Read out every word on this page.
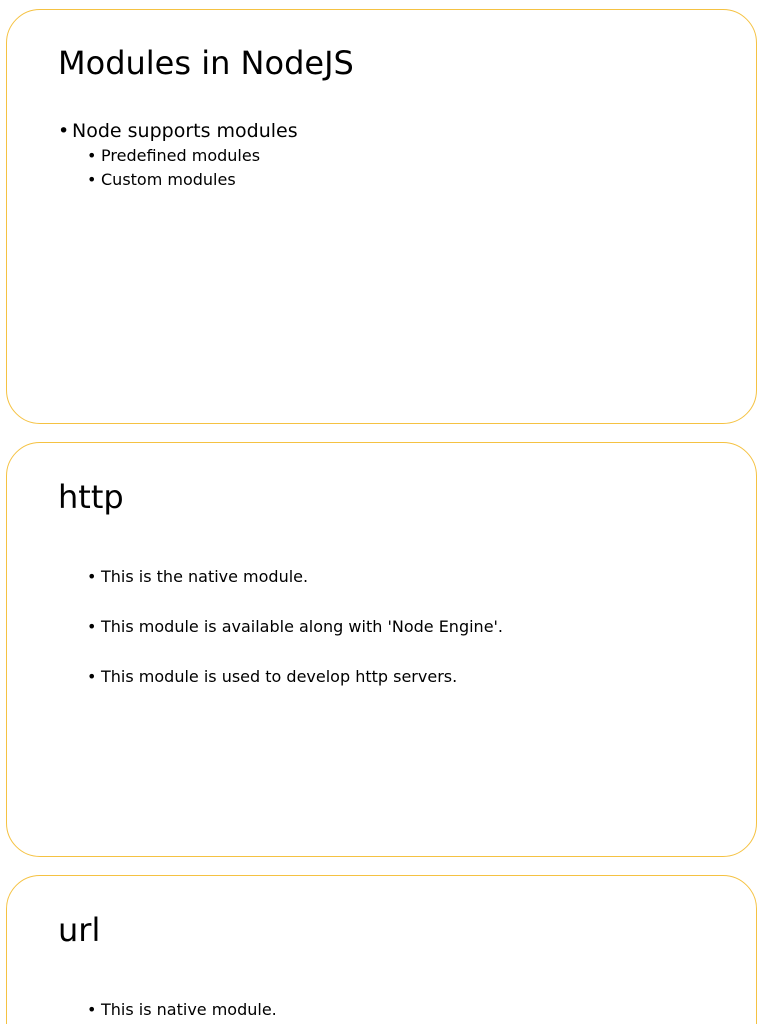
Modules in NodeJS
• Node supports modules
• Predefined modules
• Custom modules
http
• This is the native module.
• This module is available along with 'Node Engine'.
• This module is used to develop http servers.
url
• This is native module.
